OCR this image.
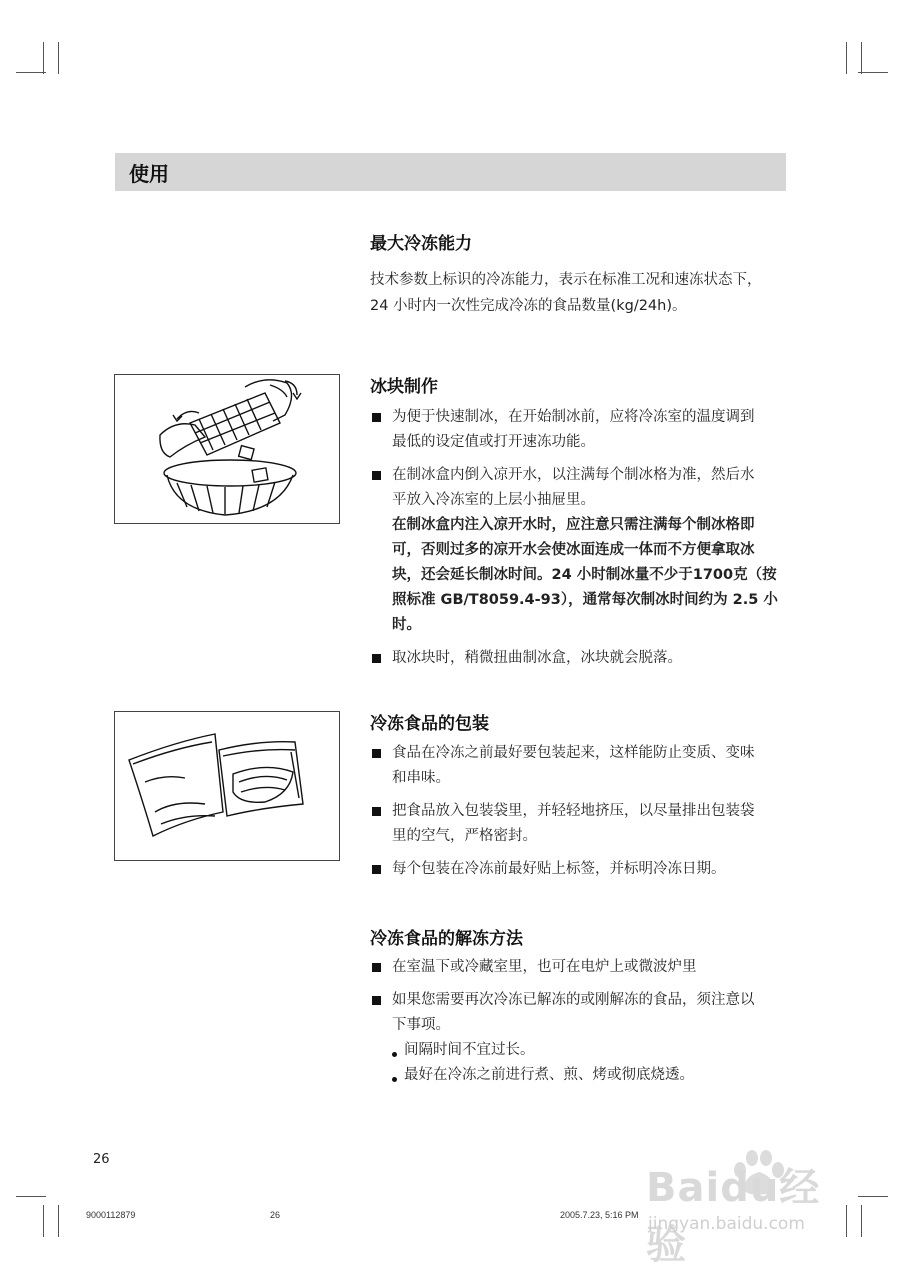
使用

最大冷冻能力

技术参数上标识的冷冻能力，表示在标准工况和速冻状态下，

24 小时内一次性完成冷冻的食品数量(kg/24h)。

冰块制作

为便于快速制冰，在开始制冰前，应将冷冻室的温度调到
最低的设定值或打开速冻功能。
在制冰盒内倒入凉开水，以注满每个制冰格为准，然后水
平放入冷冻室的上层小抽屉里。
在制冰盒内注入凉开水时，应注意只需注满每个制冰格即
可，否则过多的凉开水会使冰面连成一体而不方便拿取冰
块，还会延长制冰时间。24 小时制冰量不少于1700克（按
照标准 GB/T8059.4-93），通常每次制冰时间约为 2.5 小
时。
取冰块时，稍微扭曲制冰盒，冰块就会脱落。

冷冻食品的包装

食品在冷冻之前最好要包装起来，这样能防止变质、变味
和串味。
把食品放入包装袋里，并轻轻地挤压，以尽量排出包装袋
里的空气，严格密封。
每个包装在冷冻前最好贴上标签，并标明冷冻日期。

冷冻食品的解冻方法

在室温下或冷藏室里，也可在电炉上或微波炉里
如果您需要再次冷冻已解冻的或刚解冻的食品，须注意以
下事项。
间隔时间不宜过长。
最好在冷冻之前进行煮、煎、烤或彻底烧透。
26
9000112879	26	2005.7.23, 5:16 PM
Baidu经验
jingyan.baidu.com
